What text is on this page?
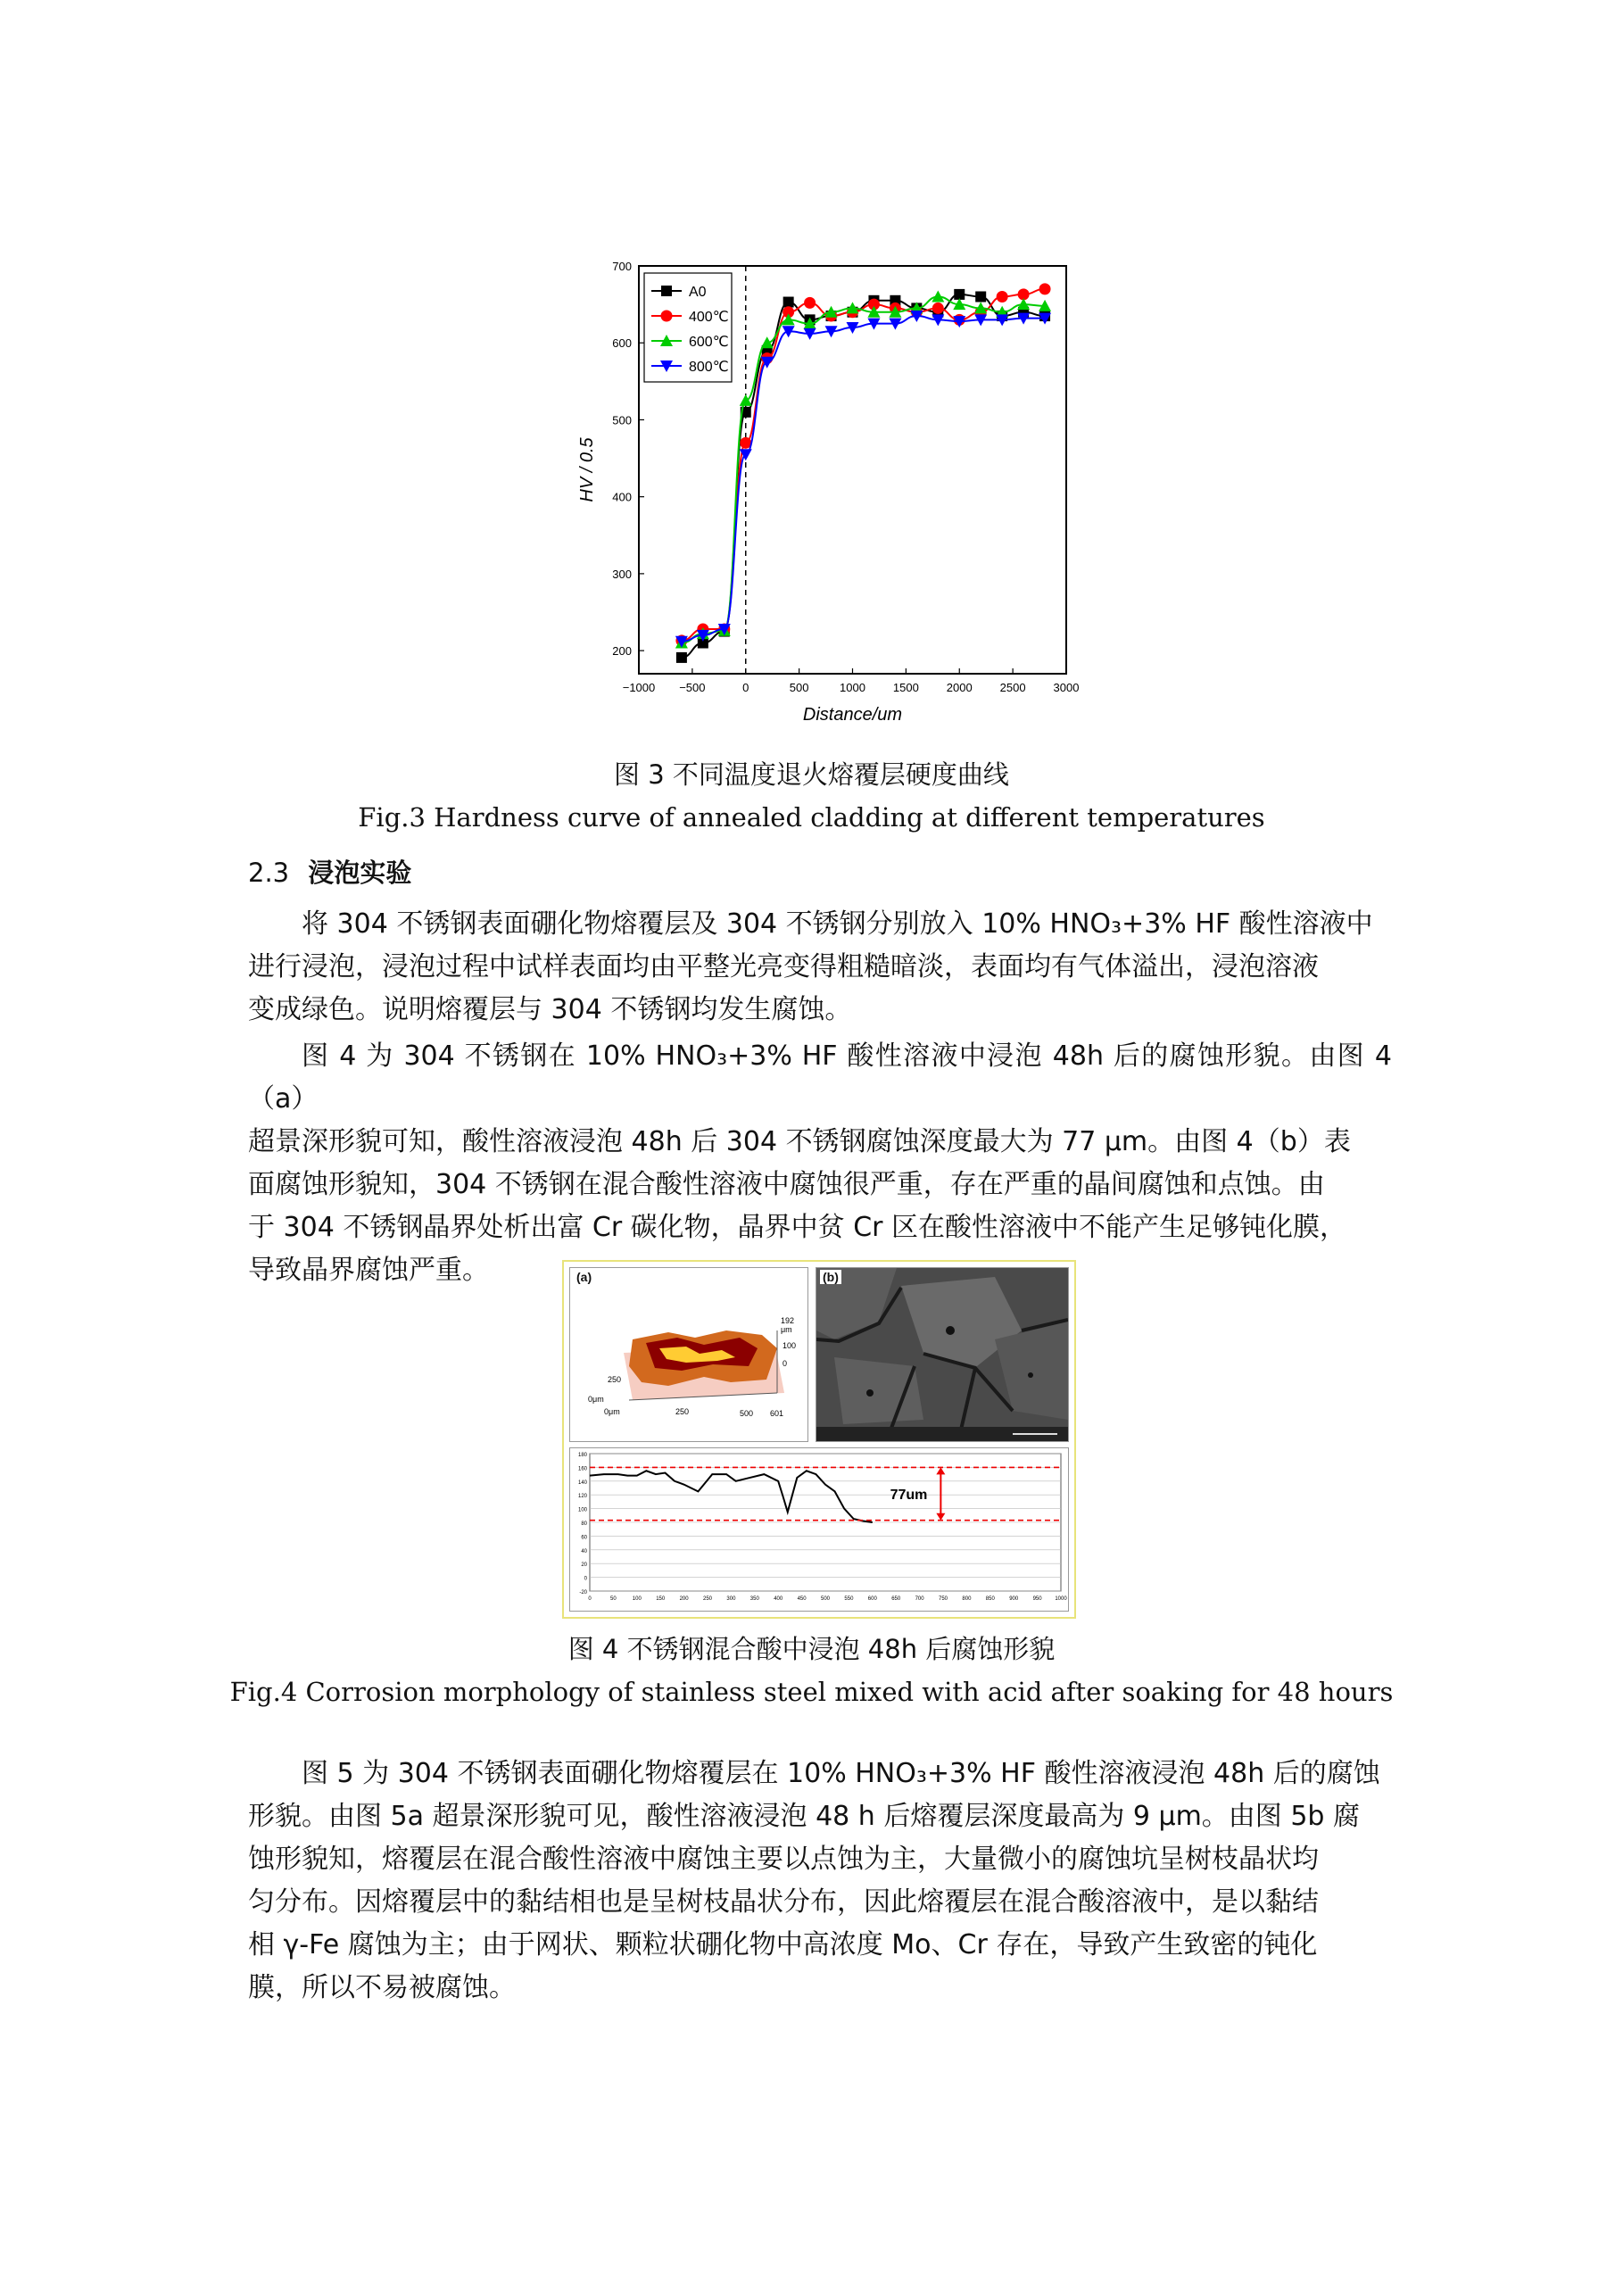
−1000 −500	0	500	1000 1500 2000 2500 3000
200
300
400
500
600
700
Distance/um
HV / 0.5
A0
400℃
600℃
800℃
图 3 不同温度退火熔覆层硬度曲线
Fig.3 Hardness curve of annealed cladding at different temperatures
2.3 浸泡实验
将 304 不锈钢表面硼化物熔覆层及 304 不锈钢分别放入 10% HNO₃+3% HF 酸性溶液中
进行浸泡，浸泡过程中试样表面均由平整光亮变得粗糙暗淡，表面均有气体溢出，浸泡溶液
变成绿色。说明熔覆层与 304 不锈钢均发生腐蚀。
图 4 为 304 不锈钢在 10% HNO₃+3% HF 酸性溶液中浸泡 48h 后的腐蚀形貌。由图 4（a）
超景深形貌可知，酸性溶液浸泡 48h 后 304 不锈钢腐蚀深度最大为 77 μm。由图 4（b）表
面腐蚀形貌知，304 不锈钢在混合酸性溶液中腐蚀很严重，存在严重的晶间腐蚀和点蚀。由
于 304 不锈钢晶界处析出富 Cr 碳化物，晶界中贫 Cr 区在酸性溶液中不能产生足够钝化膜，
导致晶界腐蚀严重。	(a)
192
μm
100
0
250
0μm
0μm	250	500 601
(b)
180
160
140
120
100
80
60
40
20
0
-20
0	50	100	150	200	250	300	350	400	450	500	550	600	650	700	750	800	850	900	950 1000
77um
图 4 不锈钢混合酸中浸泡 48h 后腐蚀形貌
Fig.4 Corrosion morphology of stainless steel mixed with acid after soaking for 48 hours
图 5 为 304 不锈钢表面硼化物熔覆层在 10% HNO₃+3% HF 酸性溶液浸泡 48h 后的腐蚀
形貌。由图 5a 超景深形貌可见，酸性溶液浸泡 48 h 后熔覆层深度最高为 9 μm。由图 5b 腐
蚀形貌知，熔覆层在混合酸性溶液中腐蚀主要以点蚀为主，大量微小的腐蚀坑呈树枝晶状均
匀分布。因熔覆层中的黏结相也是呈树枝晶状分布，因此熔覆层在混合酸溶液中，是以黏结
相 γ-Fe 腐蚀为主；由于网状、颗粒状硼化物中高浓度 Mo、Cr 存在，导致产生致密的钝化
膜，所以不易被腐蚀。
